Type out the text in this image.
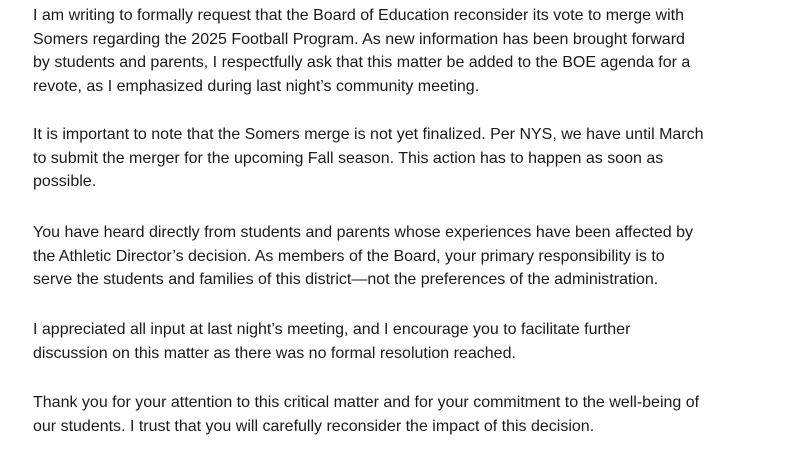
I am writing to formally request that the Board of Education reconsider its vote to merge with
Somers regarding the 2025 Football Program. As new information has been brought forward
by students and parents, I respectfully ask that this matter be added to the BOE agenda for a
revote, as I emphasized during last night’s community meeting.

It is important to note that the Somers merge is not yet finalized. Per NYS, we have until March
to submit the merger for the upcoming Fall season. This action has to happen as soon as
possible.

You have heard directly from students and parents whose experiences have been affected by
the Athletic Director’s decision. As members of the Board, your primary responsibility is to
serve the students and families of this district—not the preferences of the administration.

I appreciated all input at last night’s meeting, and I encourage you to facilitate further
discussion on this matter as there was no formal resolution reached.

Thank you for your attention to this critical matter and for your commitment to the well-being of
our students. I trust that you will carefully reconsider the impact of this decision.
